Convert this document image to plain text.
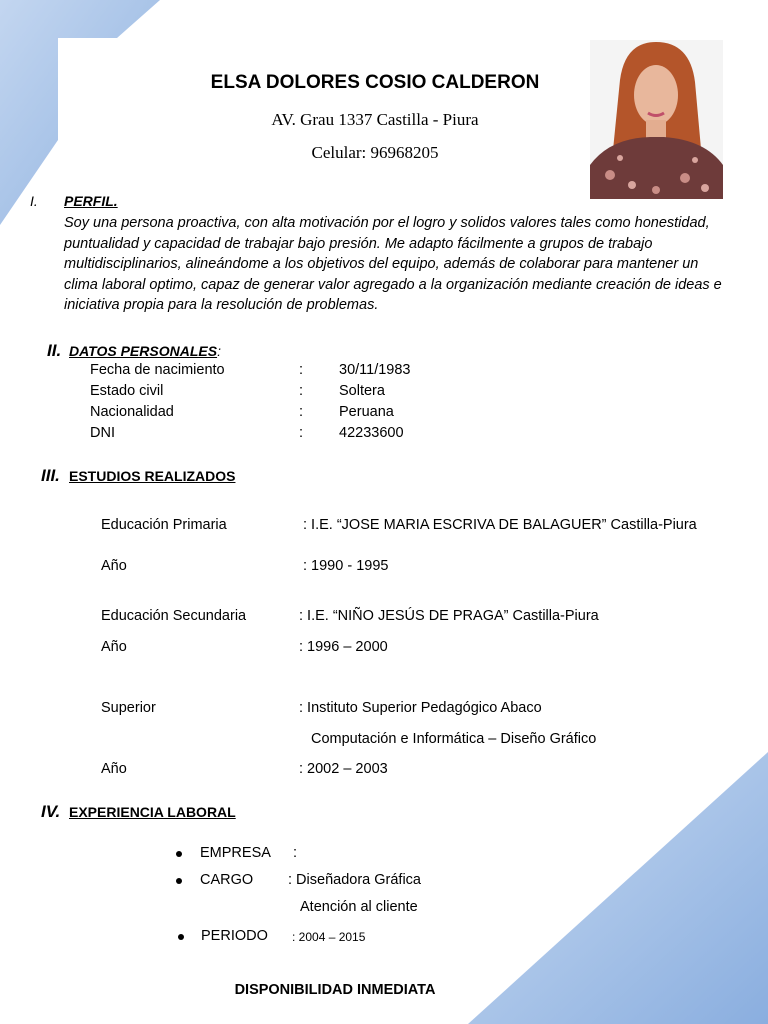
ELSA DOLORES COSIO CALDERON
AV. Grau 1337 Castilla - Piura
Celular: 96968205
I. PERFIL.
Soy una persona proactiva, con alta motivación por el logro y solidos valores tales como honestidad, puntualidad y capacidad de trabajar bajo presión. Me adapto fácilmente a grupos de trabajo multidisciplinarios, alineándome a los objetivos del equipo, además de colaborar para mantener un clima laboral optimo, capaz de generar valor agregado a la organización mediante creación de ideas e iniciativa propia para la resolución de problemas.
II. DATOS PERSONALES:
Fecha de nacimiento	: 30/11/1983
Estado civil	: Soltera
Nacionalidad	: Peruana
DNI	: 42233600
III. ESTUDIOS REALIZADOS
Educación Primaria	: I.E. “JOSE MARIA ESCRIVA DE BALAGUER” Castilla-Piura
Año	: 1990 - 1995
Educación Secundaria	: I.E. “NIÑO JESÚS DE PRAGA” Castilla-Piura
Año	: 1996 – 2000
Superior	: Instituto Superior Pedagógico Abaco
Computación e Informática – Diseño Gráfico
Año	: 2002 – 2003
IV. EXPERIENCIA LABORAL
EMPRESA :
CARGO : Diseñadora Gráfica
Atención al cliente
PERIODO : 2004 – 2015
DISPONIBILIDAD INMEDIATA
